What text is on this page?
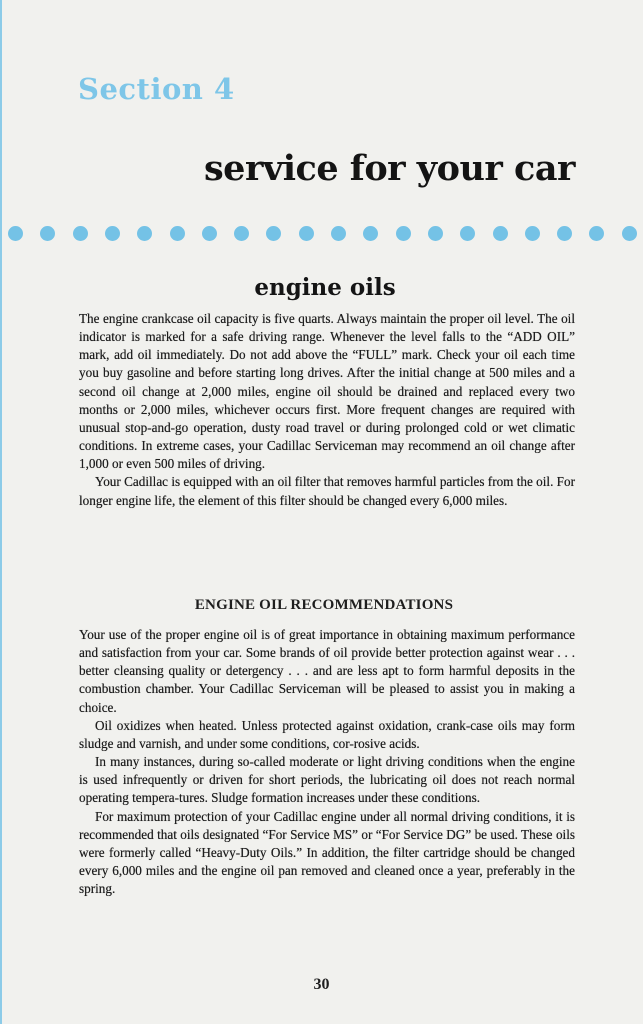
Section 4
service for your car
engine oils

The engine crankcase oil capacity is five quarts. Always maintain the proper oil level. The oil indicator is marked for a safe driving range. Whenever the level falls to the “ADD OIL” mark, add oil immediately. Do not add above the “FULL” mark. Check your oil each time you buy gasoline and before starting long drives. After the initial change at 500 miles and a second oil change at 2,000 miles, engine oil should be drained and replaced every two months or 2,000 miles, whichever occurs first. More frequent changes are required with unusual stop-and-go operation, dusty road travel or during prolonged cold or wet climatic conditions. In extreme cases, your Cadillac Serviceman may recommend an oil change after 1,000 or even 500 miles of driving.

Your Cadillac is equipped with an oil filter that removes harmful particles from the oil. For longer engine life, the element of this filter should be changed every 6,000 miles.

ENGINE OIL RECOMMENDATIONS

Your use of the proper engine oil is of great importance in obtaining maximum performance and satisfaction from your car. Some brands of oil provide better protection against wear . . . better cleansing quality or detergency . . . and are less apt to form harmful deposits in the combustion chamber. Your Cadillac Serviceman will be pleased to assist you in making a choice.

Oil oxidizes when heated. Unless protected against oxidation, crank-case oils may form sludge and varnish, and under some conditions, cor-rosive acids.

In many instances, during so-called moderate or light driving conditions when the engine is used infrequently or driven for short periods, the lubricating oil does not reach normal operating tempera-tures. Sludge formation increases under these conditions.

For maximum protection of your Cadillac engine under all normal driving conditions, it is recommended that oils designated “For Service MS” or “For Service DG” be used. These oils were formerly called “Heavy-Duty Oils.” In addition, the filter cartridge should be changed every 6,000 miles and the engine oil pan removed and cleaned once a year, preferably in the spring.

30
